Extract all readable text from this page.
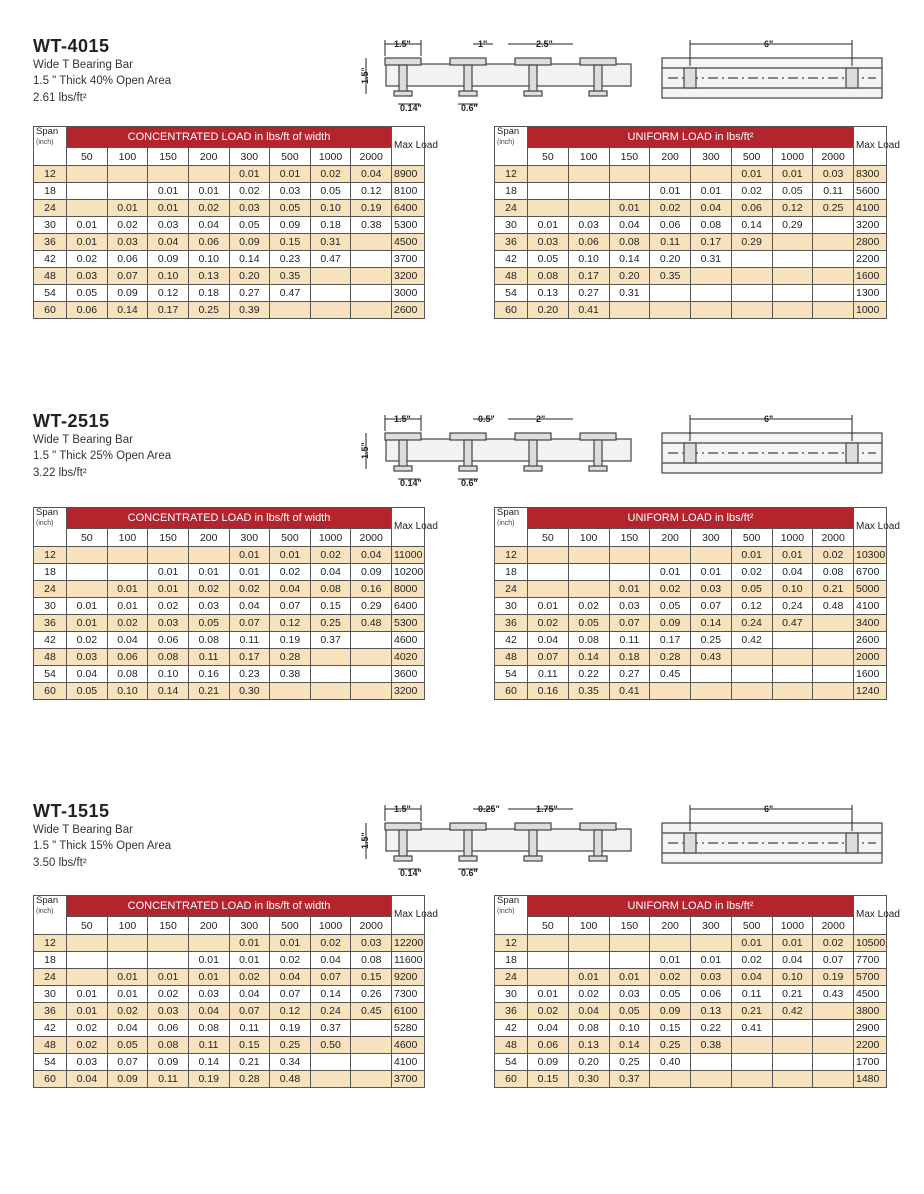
WT-4015
Wide T Bearing Bar
1.5 " Thick 40% Open Area
2.61 lbs/ft²
1.5"	1"	2.5"
0.14"	0.6"
1.5"
6"
Span
(inch)	CONCENTRATED LOAD in lbs/ft of width								Max Load
	50	100	150	200	300	500	1000	2000	
12					0.01	0.01	0.02	0.04	8900
18			0.01	0.01	0.02	0.03	0.05	0.12	8100
24		0.01	0.01	0.02	0.03	0.05	0.10	0.19	6400
30	0.01	0.02	0.03	0.04	0.05	0.09	0.18	0.38	5300
36	0.01	0.03	0.04	0.06	0.09	0.15	0.31		4500
42	0.02	0.06	0.09	0.10	0.14	0.23	0.47		3700
48	0.03	0.07	0.10	0.13	0.20	0.35			3200
54	0.05	0.09	0.12	0.18	0.27	0.47			3000
60	0.06	0.14	0.17	0.25	0.39				2600
Span
(inch)	UNIFORM LOAD in lbs/ft²								Max Load
	50	100	150	200	300	500	1000	2000	
12						0.01	0.01	0.03	8300
18				0.01	0.01	0.02	0.05	0.11	5600
24			0.01	0.02	0.04	0.06	0.12	0.25	4100
30	0.01	0.03	0.04	0.06	0.08	0.14	0.29		3200
36	0.03	0.06	0.08	0.11	0.17	0.29			2800
42	0.05	0.10	0.14	0.20	0.31				2200
48	0.08	0.17	0.20	0.35					1600
54	0.13	0.27	0.31						1300
60	0.20	0.41							1000
WT-2515
Wide T Bearing Bar
1.5 " Thick 25% Open Area
3.22 lbs/ft²
1.5"	0.5"	2"
0.14"	0.6"
1.5"
6"
Span
(inch)	CONCENTRATED LOAD in lbs/ft of width								Max Load
	50	100	150	200	300	500	1000	2000	
12					0.01	0.01	0.02	0.04	11000
18			0.01	0.01	0.01	0.02	0.04	0.09	10200
24		0.01	0.01	0.02	0.02	0.04	0.08	0.16	8000
30	0.01	0.01	0.02	0.03	0.04	0.07	0.15	0.29	6400
36	0.01	0.02	0.03	0.05	0.07	0.12	0.25	0.48	5300
42	0.02	0.04	0.06	0.08	0.11	0.19	0.37		4600
48	0.03	0.06	0.08	0.11	0.17	0.28			4020
54	0.04	0.08	0.10	0.16	0.23	0.38			3600
60	0.05	0.10	0.14	0.21	0.30				3200
Span
(inch)	UNIFORM LOAD in lbs/ft²								Max Load
	50	100	150	200	300	500	1000	2000	
12						0.01	0.01	0.02	10300
18				0.01	0.01	0.02	0.04	0.08	6700
24			0.01	0.02	0.03	0.05	0.10	0.21	5000
30	0.01	0.02	0.03	0.05	0.07	0.12	0.24	0.48	4100
36	0.02	0.05	0.07	0.09	0.14	0.24	0.47		3400
42	0.04	0.08	0.11	0.17	0.25	0.42			2600
48	0.07	0.14	0.18	0.28	0.43				2000
54	0.11	0.22	0.27	0.45					1600
60	0.16	0.35	0.41						1240
WT-1515
Wide T Bearing Bar
1.5 " Thick 15% Open Area
3.50 lbs/ft²
1.5"	0.25"	1.75"
0.14"	0.6"
1.5"
6"
Span
(inch)	CONCENTRATED LOAD in lbs/ft of width								Max Load
	50	100	150	200	300	500	1000	2000	
12					0.01	0.01	0.02	0.03	12200
18				0.01	0.01	0.02	0.04	0.08	11600
24		0.01	0.01	0.01	0.02	0.04	0.07	0.15	9200
30	0.01	0.01	0.02	0.03	0.04	0.07	0.14	0.26	7300
36	0.01	0.02	0.03	0.04	0.07	0.12	0.24	0.45	6100
42	0.02	0.04	0.06	0.08	0.11	0.19	0.37		5280
48	0.02	0.05	0.08	0.11	0.15	0.25	0.50		4600
54	0.03	0.07	0.09	0.14	0.21	0.34			4100
60	0.04	0.09	0.11	0.19	0.28	0.48			3700
Span
(inch)	UNIFORM LOAD in lbs/ft²								Max Load
	50	100	150	200	300	500	1000	2000	
12						0.01	0.01	0.02	10500
18				0.01	0.01	0.02	0.04	0.07	7700
24		0.01	0.01	0.02	0.03	0.04	0.10	0.19	5700
30	0.01	0.02	0.03	0.05	0.06	0.11	0.21	0.43	4500
36	0.02	0.04	0.05	0.09	0.13	0.21	0.42		3800
42	0.04	0.08	0.10	0.15	0.22	0.41			2900
48	0.06	0.13	0.14	0.25	0.38				2200
54	0.09	0.20	0.25	0.40					1700
60	0.15	0.30	0.37						1480
